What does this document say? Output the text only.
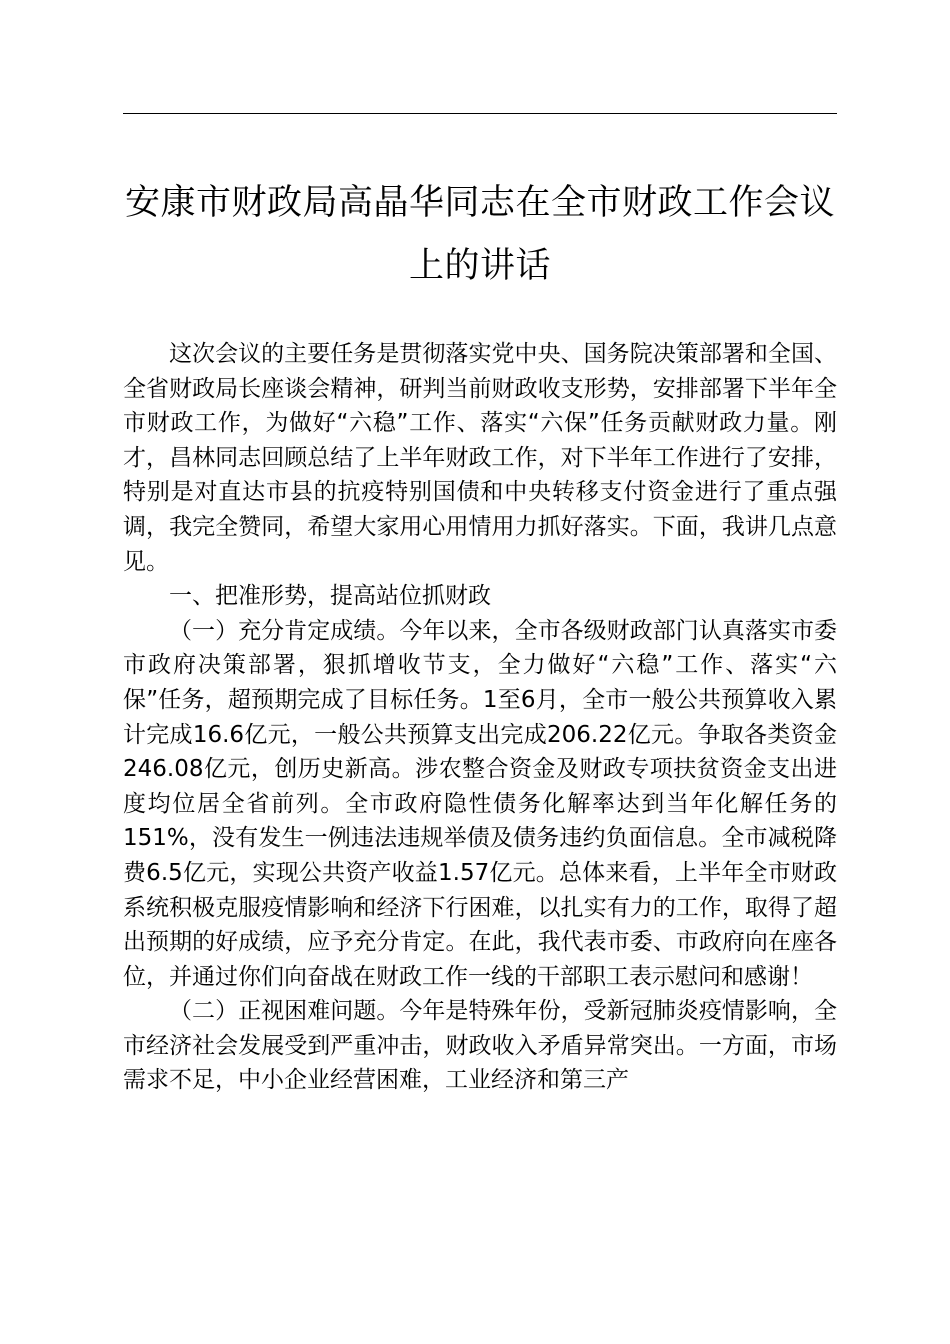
安康市财政局高晶华同志在全市财政工作会议上的讲话

这次会议的主要任务是贯彻落实党中央、国务院决策部署和全国、全省财政局长座谈会精神，研判当前财政收支形势，安排部署下半年全市财政工作，为做好“六稳”工作、落实“六保”任务贡献财政力量。刚才，昌林同志回顾总结了上半年财政工作，对下半年工作进行了安排，特别是对直达市县的抗疫特别国债和中央转移支付资金进行了重点强调，我完全赞同，希望大家用心用情用力抓好落实。下面，我讲几点意见。

一、把准形势，提高站位抓财政

（一）充分肯定成绩。今年以来，全市各级财政部门认真落实市委市政府决策部署，狠抓增收节支，全力做好“六稳”工作、落实“六保”任务，超预期完成了目标任务。1至6月，全市一般公共预算收入累计完成16.6亿元，一般公共预算支出完成206.22亿元。争取各类资金246.08亿元，创历史新高。涉农整合资金及财政专项扶贫资金支出进度均位居全省前列。全市政府隐性债务化解率达到当年化解任务的151%，没有发生一例违法违规举债及债务违约负面信息。全市减税降费6.5亿元，实现公共资产收益1.57亿元。总体来看，上半年全市财政系统积极克服疫情影响和经济下行困难，以扎实有力的工作，取得了超出预期的好成绩，应予充分肯定。在此，我代表市委、市政府向在座各位，并通过你们向奋战在财政工作一线的干部职工表示慰问和感谢！

（二）正视困难问题。今年是特殊年份，受新冠肺炎疫情影响，全市经济社会发展受到严重冲击，财政收入矛盾异常突出。一方面，市场需求不足，中小企业经营困难，工业经济和第三产
